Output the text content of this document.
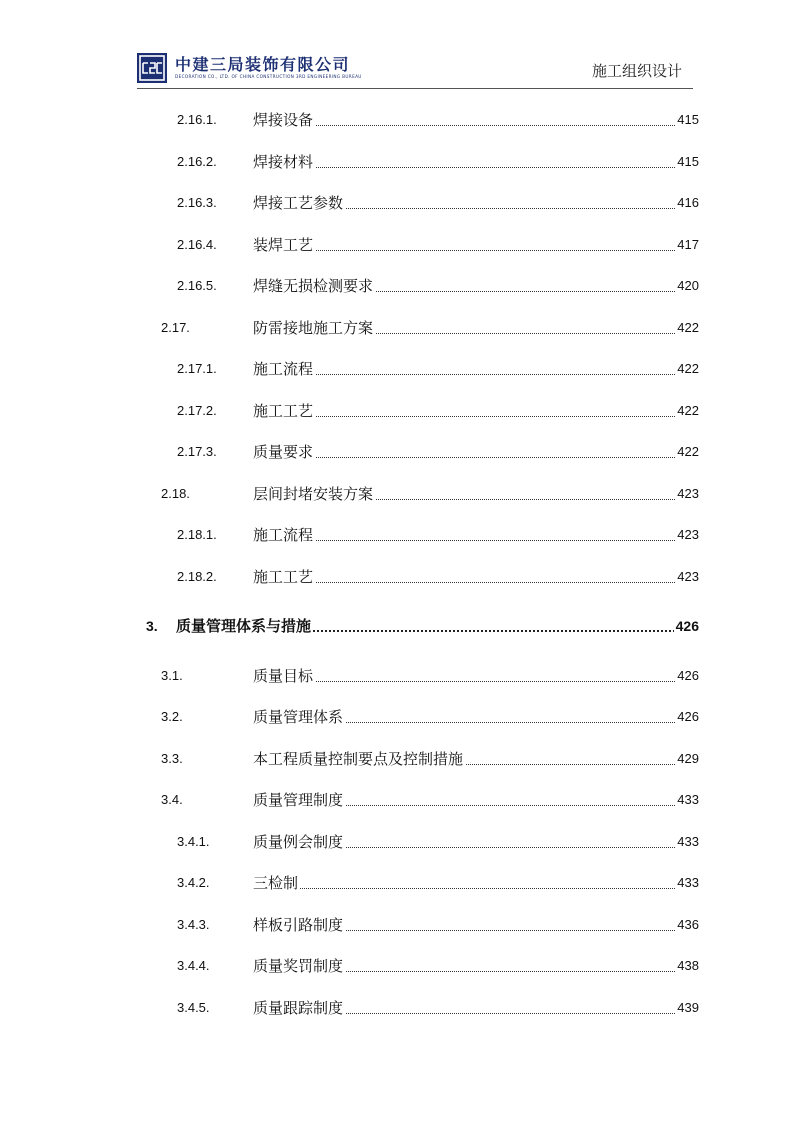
中建三局装饰有限公司
DECORATION CO., LTD. OF CHINA CONSTRUCTION 3RD ENGINEERING BUREAU	施工组织设计
2.16.1. 焊接设备	415
2.16.2. 焊接材料	415
2.16.3. 焊接工艺参数	416
2.16.4. 装焊工艺	417
2.16.5. 焊缝无损检测要求	420
2.17.	防雷接地施工方案	422
2.17.1. 施工流程	422
2.17.2. 施工工艺	422
2.17.3. 质量要求	422
2.18.	层间封堵安装方案	423
2.18.1. 施工流程	423
2.18.2. 施工工艺	423
3. 质量管理体系与措施	426
3.1.	质量目标	426
3.2.	质量管理体系	426
3.3.	本工程质量控制要点及控制措施	429
3.4.	质量管理制度	433
3.4.1.	质量例会制度	433
3.4.2.	三检制	433
3.4.3.	样板引路制度	436
3.4.4.	质量奖罚制度	438
3.4.5.	质量跟踪制度	439
